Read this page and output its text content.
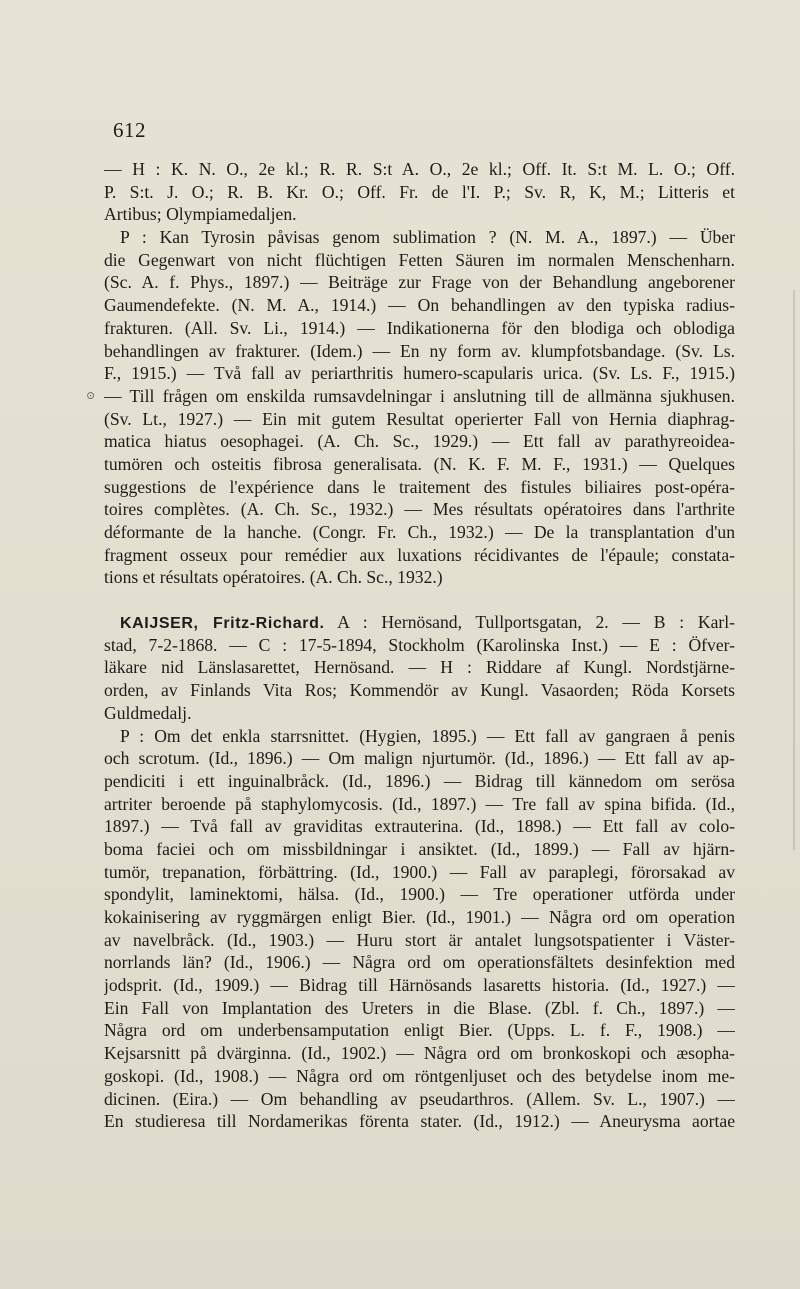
612
⊙
— H : K. N. O., 2e kl.; R. R. S:t A. O., 2e kl.; Off. It. S:t M. L. O.; Off.
P. S:t. J. O.; R. B. Kr. O.; Off. Fr. de l'I. P.; Sv. R, K, M.; Litteris et
Artibus; Olympiamedaljen.
P : Kan Tyrosin påvisas genom sublimation ? (N. M. A., 1897.) — Über
die Gegenwart von nicht flüchtigen Fetten Säuren im normalen Menschenharn.
(Sc. A. f. Phys., 1897.) — Beiträge zur Frage von der Behandlung angeborener
Gaumendefekte. (N. M. A., 1914.) — On behandlingen av den typiska radius-
frakturen. (All. Sv. Li., 1914.) — Indikationerna för den blodiga och oblodiga
behandlingen av frakturer. (Idem.) — En ny form av. klumpfotsbandage. (Sv. Ls.
F., 1915.) — Två fall av periarthritis humero-scapularis urica. (Sv. Ls. F., 1915.)
— Till frågen om enskilda rumsavdelningar i anslutning till de allmänna sjukhusen.
(Sv. Lt., 1927.) — Ein mit gutem Resultat operierter Fall von Hernia diaphrag-
matica hiatus oesophagei. (A. Ch. Sc., 1929.) — Ett fall av parathyreoidea-
tumören och osteitis fibrosa generalisata. (N. K. F. M. F., 1931.) — Quelques
suggestions de l'expérience dans le traitement des fistules biliaires post-opéra-
toires complètes. (A. Ch. Sc., 1932.) — Mes résultats opératoires dans l'arthrite
déformante de la hanche. (Congr. Fr. Ch., 1932.) — De la transplantation d'un
fragment osseux pour remédier aux luxations récidivantes de l'épaule; constata-
tions et résultats opératoires. (A. Ch. Sc., 1932.)
KAIJSER, Fritz-Richard. A : Hernösand, Tullportsgatan, 2. — B : Karl-
stad, 7-2-1868. — C : 17-5-1894, Stockholm (Karolinska Inst.) — E : Öfver-
läkare nid Länslasarettet, Hernösand. — H : Riddare af Kungl. Nordstjärne-
orden, av Finlands Vita Ros; Kommendör av Kungl. Vasaorden; Röda Korsets
Guldmedalj.
P : Om det enkla starrsnittet. (Hygien, 1895.) — Ett fall av gangraen å penis
och scrotum. (Id., 1896.) — Om malign njurtumör. (Id., 1896.) — Ett fall av ap-
pendiciti i ett inguinalbråck. (Id., 1896.) — Bidrag till kännedom om serösa
artriter beroende på staphylomycosis. (Id., 1897.) — Tre fall av spina bifida. (Id.,
1897.) — Två fall av graviditas extrauterina. (Id., 1898.) — Ett fall av colo-
boma faciei och om missbildningar i ansiktet. (Id., 1899.) — Fall av hjärn-
tumör, trepanation, förbättring. (Id., 1900.) — Fall av paraplegi, förorsakad av
spondylit, laminektomi, hälsa. (Id., 1900.) — Tre operationer utförda under
kokainisering av ryggmärgen enligt Bier. (Id., 1901.) — Några ord om operation
av navelbråck. (Id., 1903.) — Huru stort är antalet lungsotspatienter i Väster-
norrlands län? (Id., 1906.) — Några ord om operationsfältets desinfektion med
jodsprit. (Id., 1909.) — Bidrag till Härnösands lasaretts historia. (Id., 1927.) —
Ein Fall von Implantation des Ureters in die Blase. (Zbl. f. Ch., 1897.) —
Några ord om underbensamputation enligt Bier. (Upps. L. f. F., 1908.) —
Kejsarsnitt på dvärginna. (Id., 1902.) — Några ord om bronkoskopi och æsopha-
goskopi. (Id., 1908.) — Några ord om röntgenljuset och des betydelse inom me-
dicinen. (Eira.) — Om behandling av pseudarthros. (Allem. Sv. L., 1907.) —
En studieresa till Nordamerikas förenta stater. (Id., 1912.) — Aneurysma aortae
